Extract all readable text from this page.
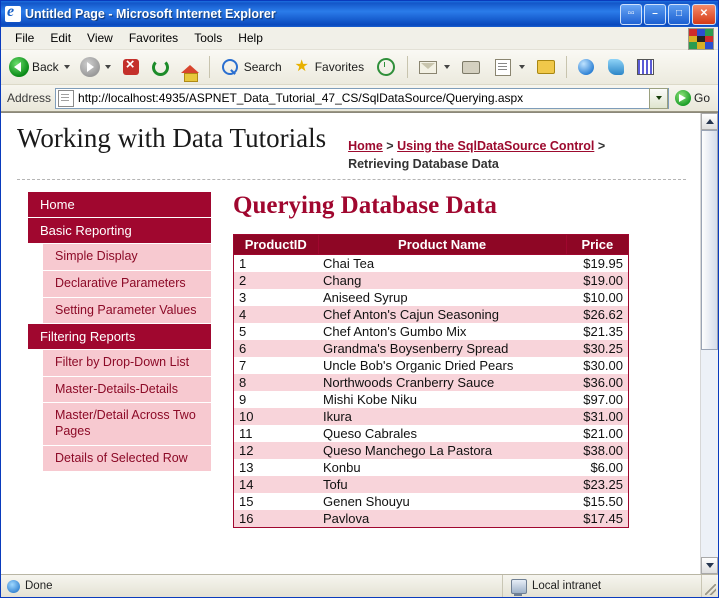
e
Untitled Page - Microsoft Internet Explorer	▫▫	–	□	✕
File	Edit	View	Favorites	Tools	Help
Back ×	Search ★ Favorites
Address http://localhost:4935/ASPNET_Data_Tutorial_47_CS/SqlDataSource/Querying.aspx	Go
Working with Data Tutorials Home > Using the SqlDataSource Control > Retrieving Database Data
Home
Basic Reporting
Simple Display
Declarative Parameters
Setting Parameter Values
Filtering Reports
Filter by Drop-Down List
Master-Details-Details
Master/Detail Across Two Pages
Details of Selected Row
Querying Database Data
ProductID	Product Name	Price
1	Chai Tea	$19.95
2	Chang	$19.00
3	Aniseed Syrup	$10.00
4	Chef Anton's Cajun Seasoning	$26.62
5	Chef Anton's Gumbo Mix	$21.35
6	Grandma's Boysenberry Spread	$30.25
7	Uncle Bob's Organic Dried Pears	$30.00
8	Northwoods Cranberry Sauce	$36.00
9	Mishi Kobe Niku	$97.00
10	Ikura	$31.00
11	Queso Cabrales	$21.00
12	Queso Manchego La Pastora	$38.00
13	Konbu	$6.00
14	Tofu	$23.25
15	Genen Shouyu	$15.50
16	Pavlova	$17.45
Done	Local intranet
